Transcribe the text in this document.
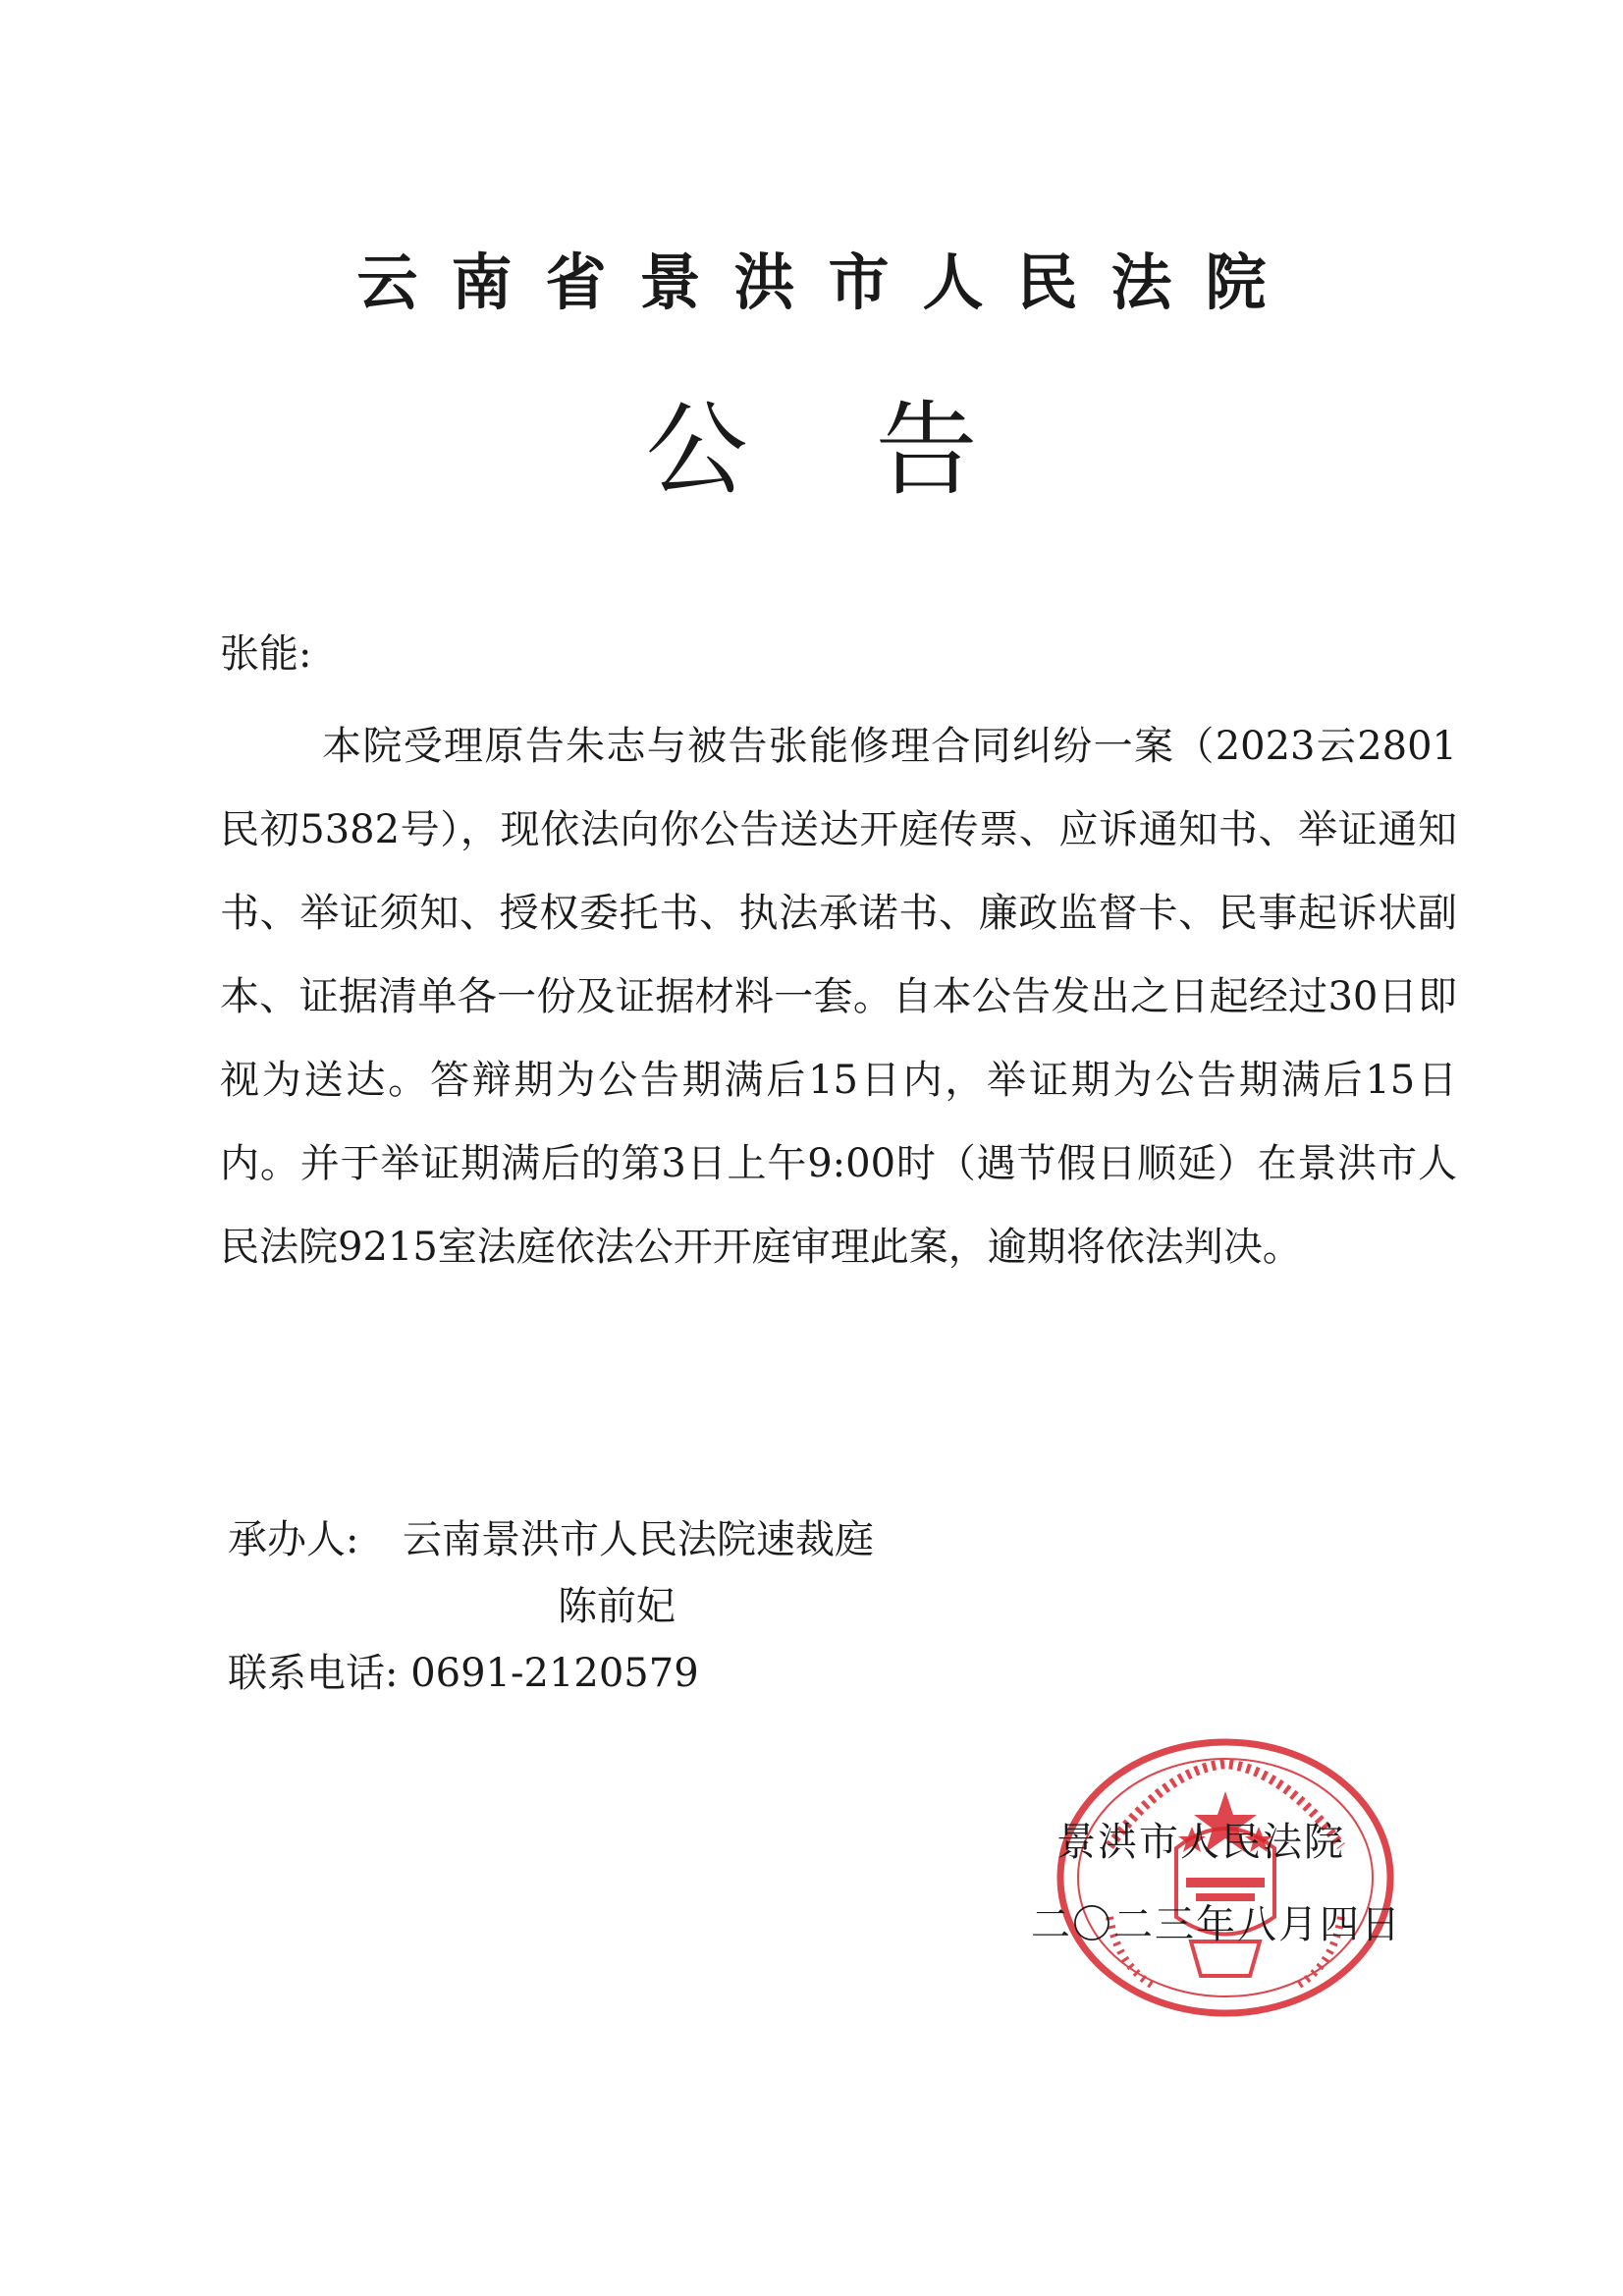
云南省景洪市人民法院
公告
张能:
本院受理原告朱志与被告张能修理合同纠纷一案（2023云2801民初5382号），现依法向你公告送达开庭传票、应诉通知书、举证通知书、举证须知、授权委托书、执法承诺书、廉政监督卡、民事起诉状副本、证据清单各一份及证据材料一套。自本公告发出之日起经过30日即视为送达。答辩期为公告期满后15日内，举证期为公告期满后15日内。并于举证期满后的第3日上午9:00时（遇节假日顺延）在景洪市人民法院9215室法庭依法公开开庭审理此案，逾期将依法判决。
承办人: 云南景洪市人民法院速裁庭
陈前妃
联系电话: 0691-2120579
景洪市人民法院
二〇二三年八月四日
